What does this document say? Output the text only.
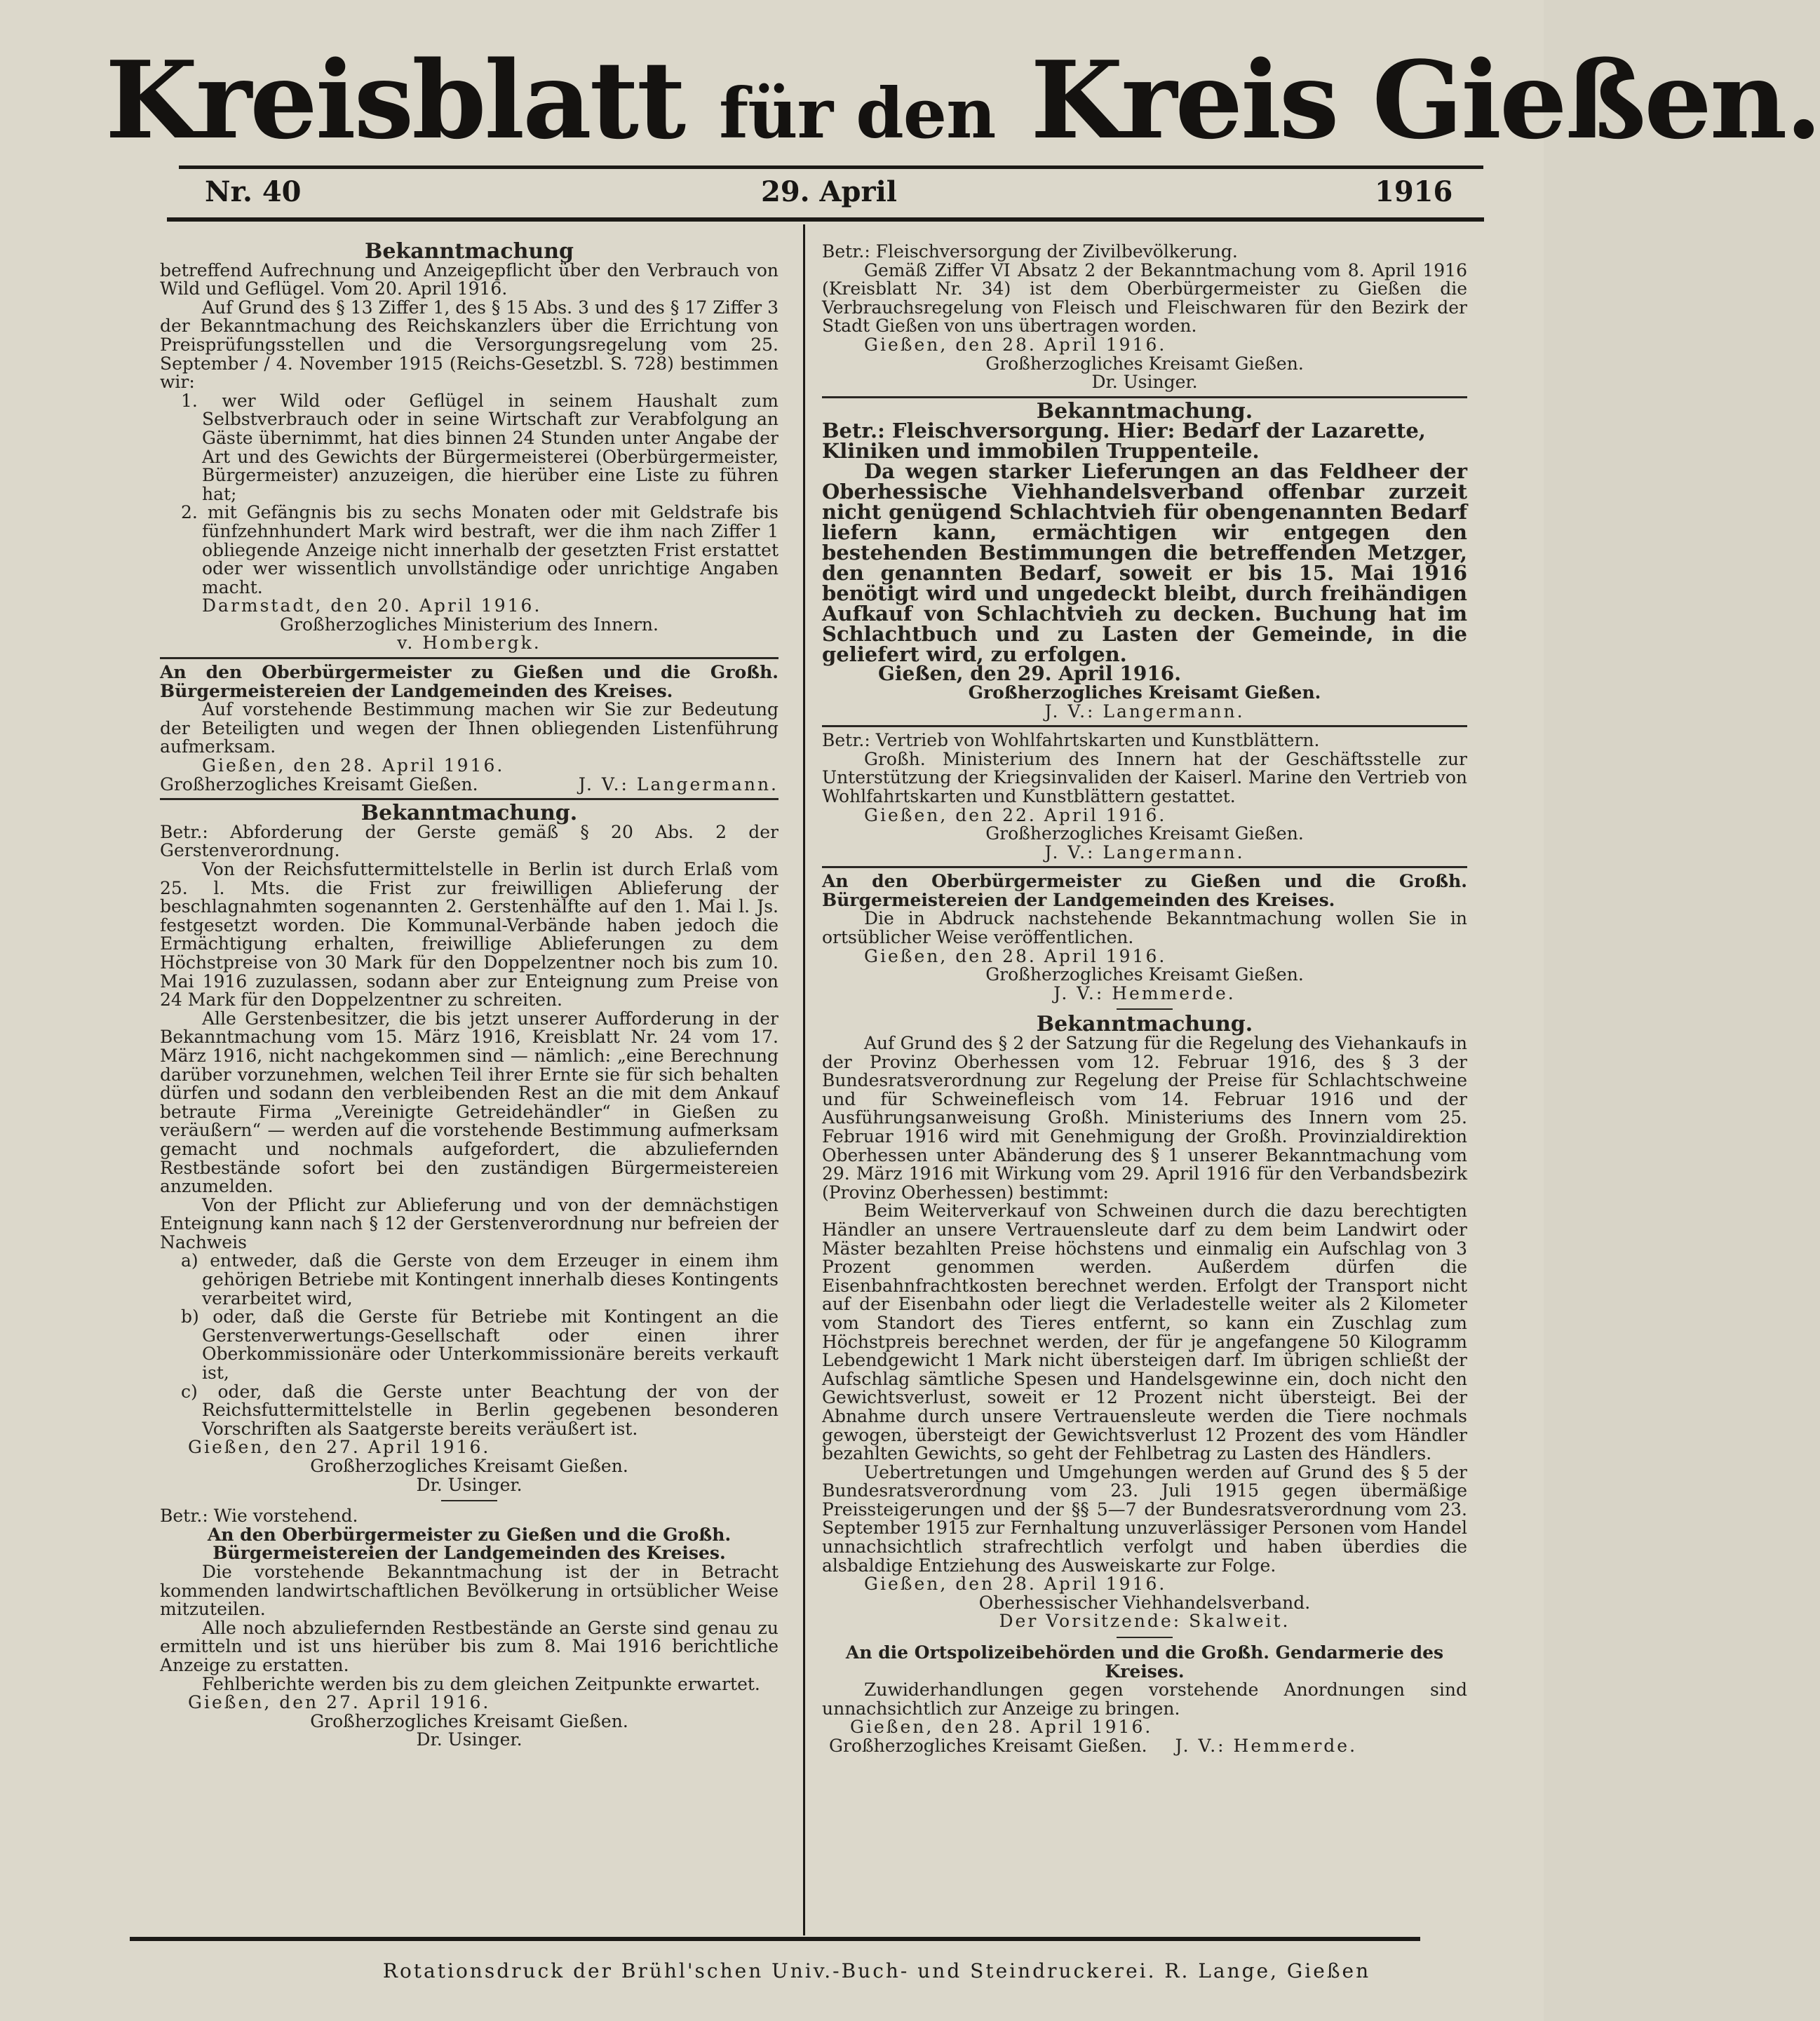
Kreisblatt für den Kreis Gießen.
Nr. 40	29. April	1916

Bekanntmachung

betreffend Aufrechnung und Anzeigepflicht über den Verbrauch von Wild und Geflügel. Vom 20. April 1916.

Auf Grund des § 13 Ziffer 1, des § 15 Abs. 3 und des § 17 Ziffer 3 der Bekanntmachung des Reichskanzlers über die Errichtung von Preisprüfungsstellen und die Versorgungsregelung vom 25. September / 4. November 1915 (Reichs-Gesetzbl. S. 728) bestimmen wir:

1. wer Wild oder Geflügel in seinem Haushalt zum Selbstverbrauch oder in seine Wirtschaft zur Verabfolgung an Gäste übernimmt, hat dies binnen 24 Stunden unter Angabe der Art und des Gewichts der Bürgermeisterei (Oberbürgermeister, Bürgermeister) anzuzeigen, die hierüber eine Liste zu führen hat;

2. mit Gefängnis bis zu sechs Monaten oder mit Geldstrafe bis fünfzehnhundert Mark wird bestraft, wer die ihm nach Ziffer 1 obliegende Anzeige nicht innerhalb der gesetzten Frist erstattet oder wer wissentlich unvollständige oder unrichtige Angaben macht.

Darmstadt, den 20. April 1916.

Großherzogliches Ministerium des Innern.

v. Hombergk.

An den Oberbürgermeister zu Gießen und die Großh. Bürgermeistereien der Landgemeinden des Kreises.

Auf vorstehende Bestimmung machen wir Sie zur Bedeutung der Beteiligten und wegen der Ihnen obliegenden Listenführung aufmerksam.

Gießen, den 28. April 1916.

Großherzogliches Kreisamt Gießen.	J. V.: Langermann.

Bekanntmachung.

Betr.: Abforderung der Gerste gemäß § 20 Abs. 2 der Gerstenverordnung.

Von der Reichsfuttermittelstelle in Berlin ist durch Erlaß vom 25. l. Mts. die Frist zur freiwilligen Ablieferung der beschlagnahmten sogenannten 2. Gerstenhälfte auf den 1. Mai l. Js. festgesetzt worden. Die Kommunal-Verbände haben jedoch die Ermächtigung erhalten, freiwillige Ablieferungen zu dem Höchstpreise von 30 Mark für den Doppelzentner noch bis zum 10. Mai 1916 zuzulassen, sodann aber zur Enteignung zum Preise von 24 Mark für den Doppelzentner zu schreiten.

Alle Gerstenbesitzer, die bis jetzt unserer Aufforderung in der Bekanntmachung vom 15. März 1916, Kreisblatt Nr. 24 vom 17. März 1916, nicht nachgekommen sind — nämlich: „eine Berechnung darüber vorzunehmen, welchen Teil ihrer Ernte sie für sich behalten dürfen und sodann den verbleibenden Rest an die mit dem Ankauf betraute Firma „Vereinigte Getreidehändler“ in Gießen zu veräußern“ — werden auf die vorstehende Bestimmung aufmerksam gemacht und nochmals aufgefordert, die abzuliefernden Restbestände sofort bei den zuständigen Bürgermeistereien anzumelden.

Von der Pflicht zur Ablieferung und von der demnächstigen Enteignung kann nach § 12 der Gerstenverordnung nur befreien der Nachweis

a) entweder, daß die Gerste von dem Erzeuger in einem ihm gehörigen Betriebe mit Kontingent innerhalb dieses Kontingents verarbeitet wird,

b) oder, daß die Gerste für Betriebe mit Kontingent an die Gerstenverwertungs-Gesellschaft oder einen ihrer Oberkommissionäre oder Unterkommissionäre bereits verkauft ist,

c) oder, daß die Gerste unter Beachtung der von der Reichsfuttermittelstelle in Berlin gegebenen besonderen Vorschriften als Saatgerste bereits veräußert ist.

Gießen, den 27. April 1916.

Großherzogliches Kreisamt Gießen.

Dr. Usinger.

Betr.: Wie vorstehend.

An den Oberbürgermeister zu Gießen und die Großh. Bürgermeistereien der Landgemeinden des Kreises.

Die vorstehende Bekanntmachung ist der in Betracht kommenden landwirtschaftlichen Bevölkerung in ortsüblicher Weise mitzuteilen.

Alle noch abzuliefernden Restbestände an Gerste sind genau zu ermitteln und ist uns hierüber bis zum 8. Mai 1916 berichtliche Anzeige zu erstatten.

Fehlberichte werden bis zu dem gleichen Zeitpunkte erwartet.

Gießen, den 27. April 1916.

Großherzogliches Kreisamt Gießen.

Dr. Usinger.

Betr.: Fleischversorgung der Zivilbevölkerung.

Gemäß Ziffer VI Absatz 2 der Bekanntmachung vom 8. April 1916 (Kreisblatt Nr. 34) ist dem Oberbürgermeister zu Gießen die Verbrauchsregelung von Fleisch und Fleischwaren für den Bezirk der Stadt Gießen von uns übertragen worden.

Gießen, den 28. April 1916.

Großherzogliches Kreisamt Gießen.

Dr. Usinger.

Bekanntmachung.

Betr.: Fleischversorgung. Hier: Bedarf der Lazarette, Kliniken und immobilen Truppenteile.

Da wegen starker Lieferungen an das Feldheer der Oberhessische Viehhandelsverband offenbar zurzeit nicht genügend Schlachtvieh für obengenannten Bedarf liefern kann, ermächtigen wir entgegen den bestehenden Bestimmungen die betreffenden Metzger, den genannten Bedarf, soweit er bis 15. Mai 1916 benötigt wird und ungedeckt bleibt, durch freihändigen Aufkauf von Schlachtvieh zu decken. Buchung hat im Schlachtbuch und zu Lasten der Gemeinde, in die geliefert wird, zu erfolgen.

Gießen, den 29. April 1916.

Großherzogliches Kreisamt Gießen.

J. V.: Langermann.

Betr.: Vertrieb von Wohlfahrtskarten und Kunstblättern.

Großh. Ministerium des Innern hat der Geschäftsstelle zur Unterstützung der Kriegsinvaliden der Kaiserl. Marine den Vertrieb von Wohlfahrtskarten und Kunstblättern gestattet.

Gießen, den 22. April 1916.

Großherzogliches Kreisamt Gießen.

J. V.: Langermann.

An den Oberbürgermeister zu Gießen und die Großh. Bürgermeistereien der Landgemeinden des Kreises.

Die in Abdruck nachstehende Bekanntmachung wollen Sie in ortsüblicher Weise veröffentlichen.

Gießen, den 28. April 1916.

Großherzogliches Kreisamt Gießen.

J. V.: Hemmerde.

Bekanntmachung.

Auf Grund des § 2 der Satzung für die Regelung des Viehankaufs in der Provinz Oberhessen vom 12. Februar 1916, des § 3 der Bundesratsverordnung zur Regelung der Preise für Schlachtschweine und für Schweinefleisch vom 14. Februar 1916 und der Ausführungsanweisung Großh. Ministeriums des Innern vom 25. Februar 1916 wird mit Genehmigung der Großh. Provinzialdirektion Oberhessen unter Abänderung des § 1 unserer Bekanntmachung vom 29. März 1916 mit Wirkung vom 29. April 1916 für den Verbandsbezirk (Provinz Oberhessen) bestimmt:

Beim Weiterverkauf von Schweinen durch die dazu berechtigten Händler an unsere Vertrauensleute darf zu dem beim Landwirt oder Mäster bezahlten Preise höchstens und einmalig ein Aufschlag von 3 Prozent genommen werden. Außerdem dürfen die Eisenbahnfrachtkosten berechnet werden. Erfolgt der Transport nicht auf der Eisenbahn oder liegt die Verladestelle weiter als 2 Kilometer vom Standort des Tieres entfernt, so kann ein Zuschlag zum Höchstpreis berechnet werden, der für je angefangene 50 Kilogramm Lebendgewicht 1 Mark nicht übersteigen darf. Im übrigen schließt der Aufschlag sämtliche Spesen und Handelsgewinne ein, doch nicht den Gewichtsverlust, soweit er 12 Prozent nicht übersteigt. Bei der Abnahme durch unsere Vertrauensleute werden die Tiere nochmals gewogen, übersteigt der Gewichtsverlust 12 Prozent des vom Händler bezahlten Gewichts, so geht der Fehlbetrag zu Lasten des Händlers.

Uebertretungen und Umgehungen werden auf Grund des § 5 der Bundesratsverordnung vom 23. Juli 1915 gegen übermäßige Preissteigerungen und der §§ 5—7 der Bundesratsverordnung vom 23. September 1915 zur Fernhaltung unzuverlässiger Personen vom Handel unnachsichtlich strafrechtlich verfolgt und haben überdies die alsbaldige Entziehung des Ausweiskarte zur Folge.

Gießen, den 28. April 1916.

Oberhessischer Viehhandelsverband.

Der Vorsitzende: Skalweit.

An die Ortspolizeibehörden und die Großh. Gendarmerie des Kreises.

Zuwiderhandlungen gegen vorstehende Anordnungen sind unnachsichtlich zur Anzeige zu bringen.

Gießen, den 28. April 1916.

Großherzogliches Kreisamt Gießen. J. V.: Hemmerde.

Rotationsdruck der Brühl'schen Univ.-Buch- und Steindruckerei. R. Lange, Gießen
